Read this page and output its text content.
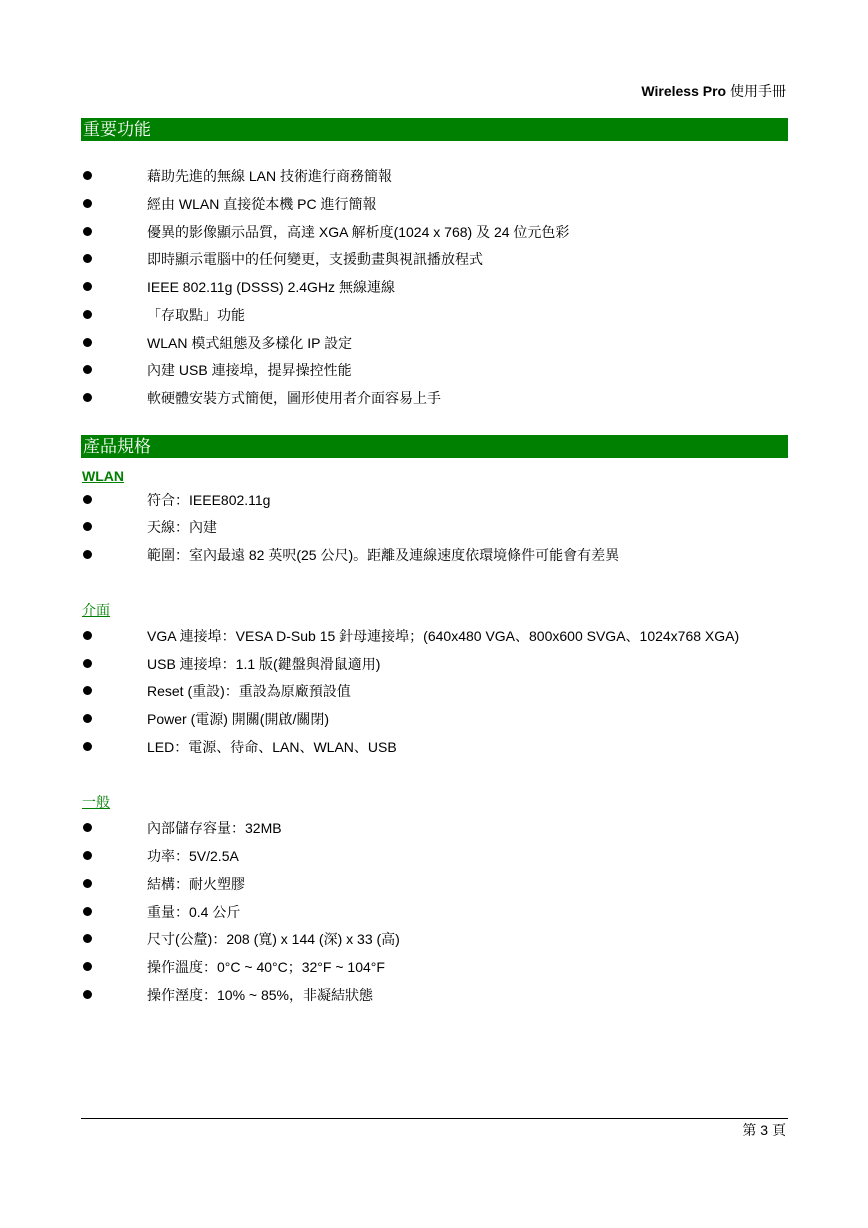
Wireless Pro 使用手冊
重要功能
藉助先進的無線 LAN 技術進行商務簡報
經由 WLAN 直接從本機 PC 進行簡報
優異的影像顯示品質，高達 XGA 解析度(1024 x 768) 及 24 位元色彩
即時顯示電腦中的任何變更，支援動畫與視訊播放程式
IEEE 802.11g (DSSS) 2.4GHz 無線連線
「存取點」功能
WLAN 模式組態及多樣化 IP 設定
內建 USB 連接埠，提昇操控性能
軟硬體安裝方式簡便，圖形使用者介面容易上手
產品規格
WLAN
符合：IEEE802.11g
天線：內建
範圍：室內最遠 82 英呎(25 公尺)。距離及連線速度依環境條件可能會有差異
介面
VGA 連接埠：VESA D-Sub 15 針母連接埠；(640x480 VGA、800x600 SVGA、1024x768 XGA)
USB 連接埠：1.1 版(鍵盤與滑鼠適用)
Reset (重設)：重設為原廠預設值
Power (電源) 開關(開啟/關閉)
LED：電源、待命、LAN、WLAN、USB
一般
內部儲存容量：32MB
功率：5V/2.5A
結構：耐火塑膠
重量：0.4 公斤
尺寸(公釐)：208 (寬) x 144 (深) x 33 (高)
操作溫度：0°C ~ 40°C；32°F ~ 104°F
操作溼度：10% ~ 85%，非凝結狀態
第 3 頁
